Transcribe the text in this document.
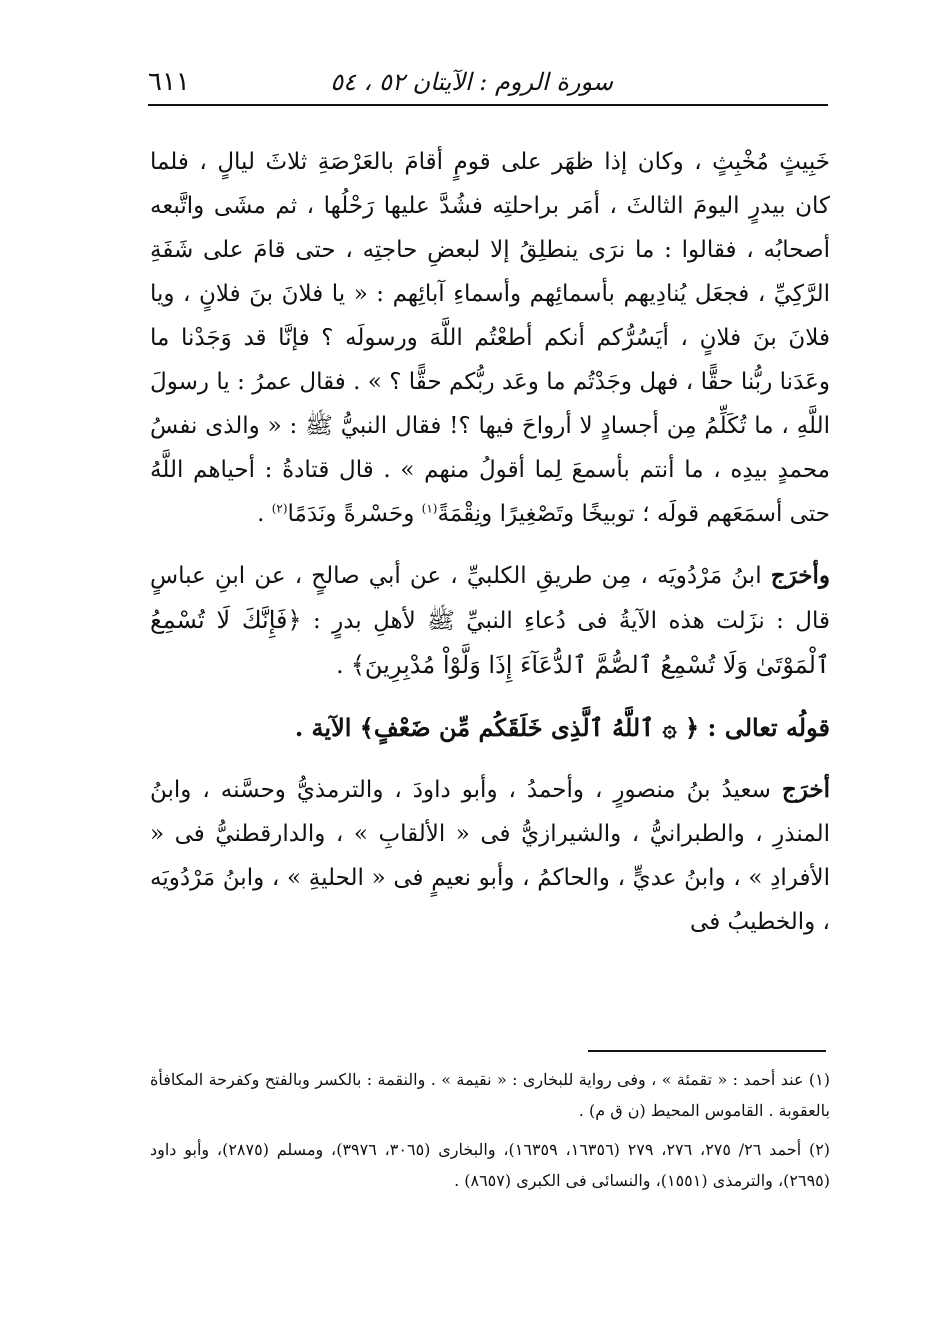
سورة الروم : الآيتان ٥٢ ، ٥٤
٦١١

خَبِيثٍ مُخْبِثٍ ، وكان إذا ظهَر على قومٍ أقامَ بالعَرْصَةِ ثلاثَ ليالٍ ، فلما كان بيدرٍ اليومَ الثالثَ ، أمَر براحلتِه فشُدَّ عليها رَحْلُها ، ثم مشَى واتَّبعه أصحابُه ، فقالوا : ما نرَى ينطلِقُ إلا لبعضِ حاجتِه ، حتى قامَ على شَفَةِ الرَّكِيِّ ، فجعَل يُنادِيهم بأسمائِهم وأسماءِ آبائِهم : « يا فلانَ بنَ فلانٍ ، ويا فلانَ بنَ فلانٍ ، أيَسُرُّكم أنكم أطعْتُم اللَّهَ ورسولَه ؟ فإنَّا قد وَجَدْنا ما وعَدَنا ربُّنا حقًّا ، فهل وجَدْتُم ما وعَد ربُّكم حقًّا ؟ » . فقال عمرُ : يا رسولَ اللَّهِ ، ما تُكَلِّمُ مِن أجسادٍ لا أرواحَ فيها ؟! فقال النبيُّ ﷺ : « والذى نفسُ محمدٍ بيدِه ، ما أنتم بأسمعَ لِما أقولُ منهم » . قال قتادةُ : أحياهم اللَّهُ حتى أسمَعَهم قولَه ؛ توبيخًا وتَصْغِيرًا ونِقْمَةً$^{(١)}$ وحَسْرةً ونَدَمًا$^{(٢)}$ .

وأخرَج ابنُ مَرْدُويَه ، مِن طريقِ الكلبيِّ ، عن أبي صالحٍ ، عن ابنِ عباسٍ قال : نزَلت هذه الآيةُ فى دُعاءِ النبيِّ ﷺ لأهلِ بدرٍ : ﴿فَإِنَّكَ لَا تُسْمِعُ ٱلْمَوْتَىٰ وَلَا تُسْمِعُ ٱلصُّمَّ ٱلدُّعَآءَ إِذَا وَلَّوْاْ مُدْبِرِينَ﴾ .

قولُه تعالى : ﴿ ۞ ٱللَّهُ ٱلَّذِى خَلَقَكُم مِّن ضَعْفٍ﴾ الآية .

أخرَج سعيدُ بنُ منصورٍ ، وأحمدُ ، وأبو داودَ ، والترمذيُّ وحسَّنه ، وابنُ المنذرِ ، والطبرانيُّ ، والشيرازيُّ فى « الألقابِ » ، والدارقطنيُّ فى « الأفرادِ » ، وابنُ عديٍّ ، والحاكمُ ، وأبو نعيمٍ فى « الحليةِ » ، وابنُ مَرْدُويَه ، والخطيبُ فى

(١) عند أحمد : « تقمئة » ، وفى رواية للبخارى : « نقيمة » . والنقمة : بالكسر وبالفتح وكفرحة المكافأة بالعقوبة . القاموس المحيط (ن ق م) .

(٢) أحمد ٢٦/ ٢٧٥، ٢٧٦، ٢٧٩ (١٦٣٥٦، ١٦٣٥٩)، والبخارى (٣٠٦٥، ٣٩٧٦)، ومسلم (٢٨٧٥)، وأبو داود (٢٦٩٥)، والترمذى (١٥٥١)، والنسائى فى الكبرى (٨٦٥٧) .
